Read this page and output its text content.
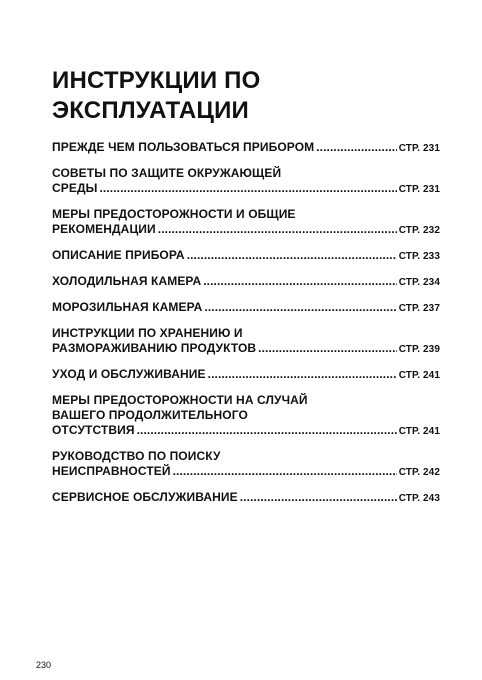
ИНСТРУКЦИИ ПО
ЭКСПЛУАТАЦИИ
ПРЕЖДЕ ЧЕМ ПОЛЬЗОВАТЬСЯ ПРИБОРОМ .....	СТР. 231
СОВЕТЫ ПО ЗАЩИТЕ ОКРУЖАЮЩЕЙ
СРЕДЫ .....	СТР. 231
МЕРЫ ПРЕДОСТОРОЖНОСТИ И ОБЩИЕ
РЕКОМЕНДАЦИИ .....	СТР. 232
ОПИСАНИЕ ПРИБОРА .....	СТР. 233
ХОЛОДИЛЬНАЯ КАМЕРА .....	СТР. 234
МОРОЗИЛЬНАЯ КАМЕРА .....	СТР. 237
ИНСТРУКЦИИ ПО ХРАНЕНИЮ И
РАЗМОРАЖИВАНИЮ ПРОДУКТОВ .....	СТР. 239
УХОД И ОБСЛУЖИВАНИЕ .....	СТР. 241
МЕРЫ ПРЕДОСТОРОЖНОСТИ НА СЛУЧАЙ
ВАШЕГО ПРОДОЛЖИТЕЛЬНОГО
ОТСУТСТВИЯ .....	СТР. 241
РУКОВОДСТВО ПО ПОИСКУ
НЕИСПРАВНОСТЕЙ .....	СТР. 242
СЕРВИСНОЕ ОБСЛУЖИВАНИЕ .....	СТР. 243
230
